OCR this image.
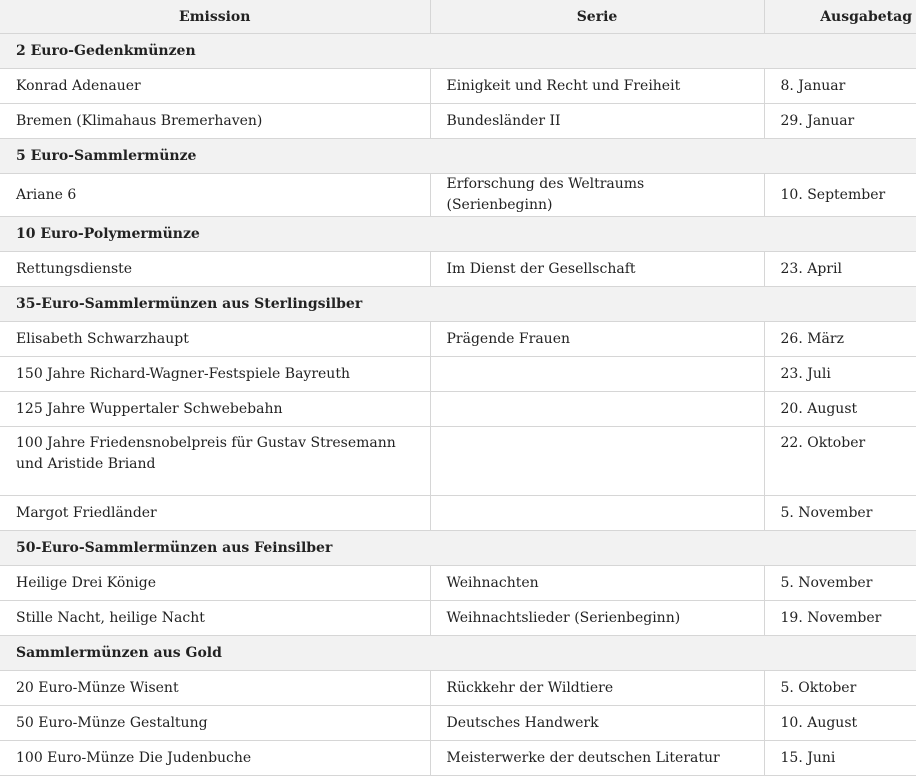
Emission	Serie	Ausgabetag
2 Euro-Gedenkmünzen		
Konrad Adenauer	Einigkeit und Recht und Freiheit	8. Januar
Bremen (Klimahaus Bremerhaven)	Bundesländer II	29. Januar
5 Euro-Sammlermünze		
Ariane 6	Erforschung des Weltraums (Serienbeginn)	10. September
10 Euro-Polymermünze		
Rettungsdienste	Im Dienst der Gesellschaft	23. April
35-Euro-Sammlermünzen aus Sterlingsilber		
Elisabeth Schwarzhaupt	Prägende Frauen	26. März
150 Jahre Richard-Wagner-Festspiele Bayreuth		23. Juli
125 Jahre Wuppertaler Schwebebahn		20. August
100 Jahre Friedensnobelpreis für Gustav Stresemann und Aristide Briand		22. Oktober
Margot Friedländer		5. November
50-Euro-Sammlermünzen aus Feinsilber		
Heilige Drei Könige	Weihnachten	5. November
Stille Nacht, heilige Nacht	Weihnachtslieder (Serienbeginn)	19. November
Sammlermünzen aus Gold		
20 Euro-Münze Wisent	Rückkehr der Wildtiere	5. Oktober
50 Euro-Münze Gestaltung	Deutsches Handwerk	10. August
100 Euro-Münze Die Judenbuche	Meisterwerke der deutschen Literatur	15. Juni
